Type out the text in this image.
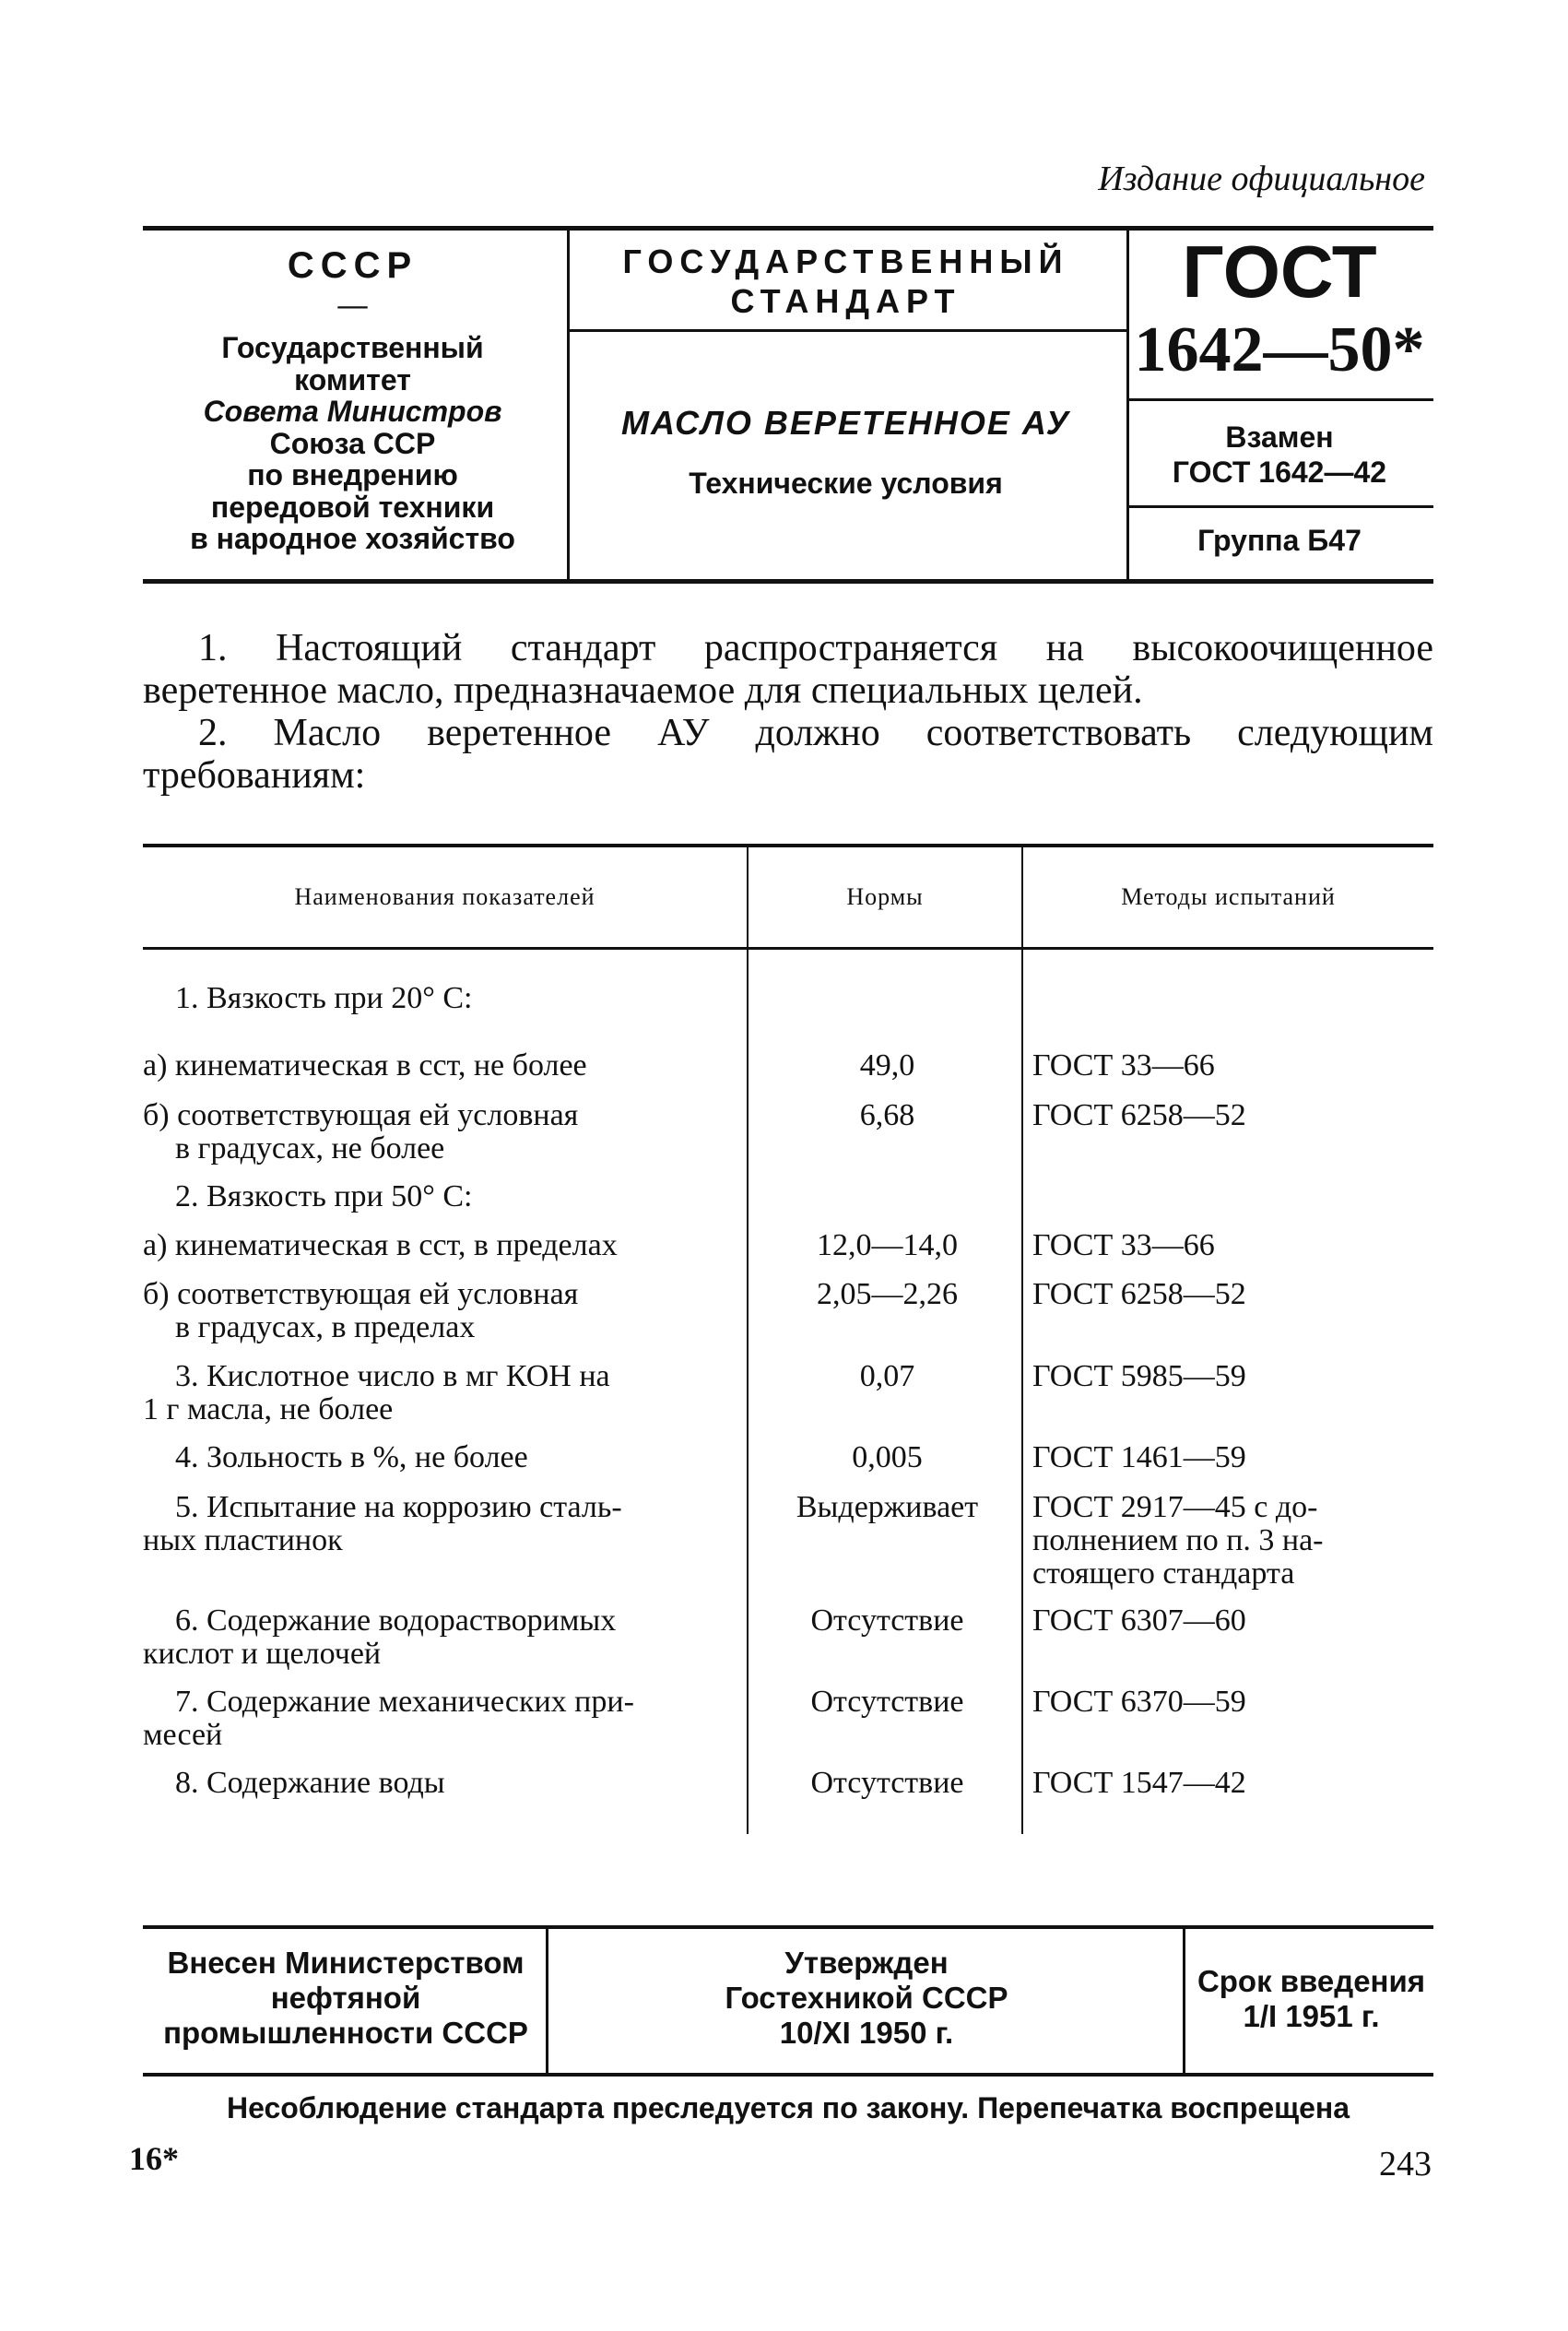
Издание официальное
СССР
—
Государственный
комитет
Совета Министров
Союза ССР
по внедрению
передовой техники
в народное хозяйство
ГОСУДАРСТВЕННЫЙ
СТАНДАРТ
МАСЛО ВЕРЕТЕННОЕ АУ
Технические условия
ГОСТ
1642—50*
Взамен
ГОСТ 1642—42
Группа Б47
1. Настоящий стандарт распространяется на высокоочищенное веретенное масло, предназначаемое для специальных целей.
2. Масло веретенное АУ должно соответствовать следующим требованиям:
Наименования показателей	Нормы	Методы испытаний
1. Вязкость при 20° С:
а) кинематическая в сст, не более	49,0	ГОСТ 33—66
б) соответствующая ей условная
в градусах, не более
6,68	ГОСТ 6258—52
2. Вязкость при 50° С:
а) кинематическая в сст, в пределах	12,0—14,0	ГОСТ 33—66
б) соответствующая ей условная
в градусах, в пределах
2,05—2,26	ГОСТ 6258—52
3. Кислотное число в мг КОН на
1 г масла, не более
0,07	ГОСТ 5985—59
4. Зольность в %, не более	0,005	ГОСТ 1461—59
5. Испытание на коррозию сталь-
ных пластинок
Выдерживает	ГОСТ 2917—45 с до-
полнением по п. 3 на-
стоящего стандарта
6. Содержание водорастворимых
кислот и щелочей
Отсутствие	ГОСТ 6307—60
7. Содержание механических при-
месей
Отсутствие	ГОСТ 6370—59
8. Содержание воды	Отсутствие	ГОСТ 1547—42
Внесен Министерством
нефтяной
промышленности СССР
Утвержден
Гостехникой СССР
10/XI 1950 г.
Срок введения
1/I 1951 г.
Несоблюдение стандарта преследуется по закону. Перепечатка воспрещена
16*	243
